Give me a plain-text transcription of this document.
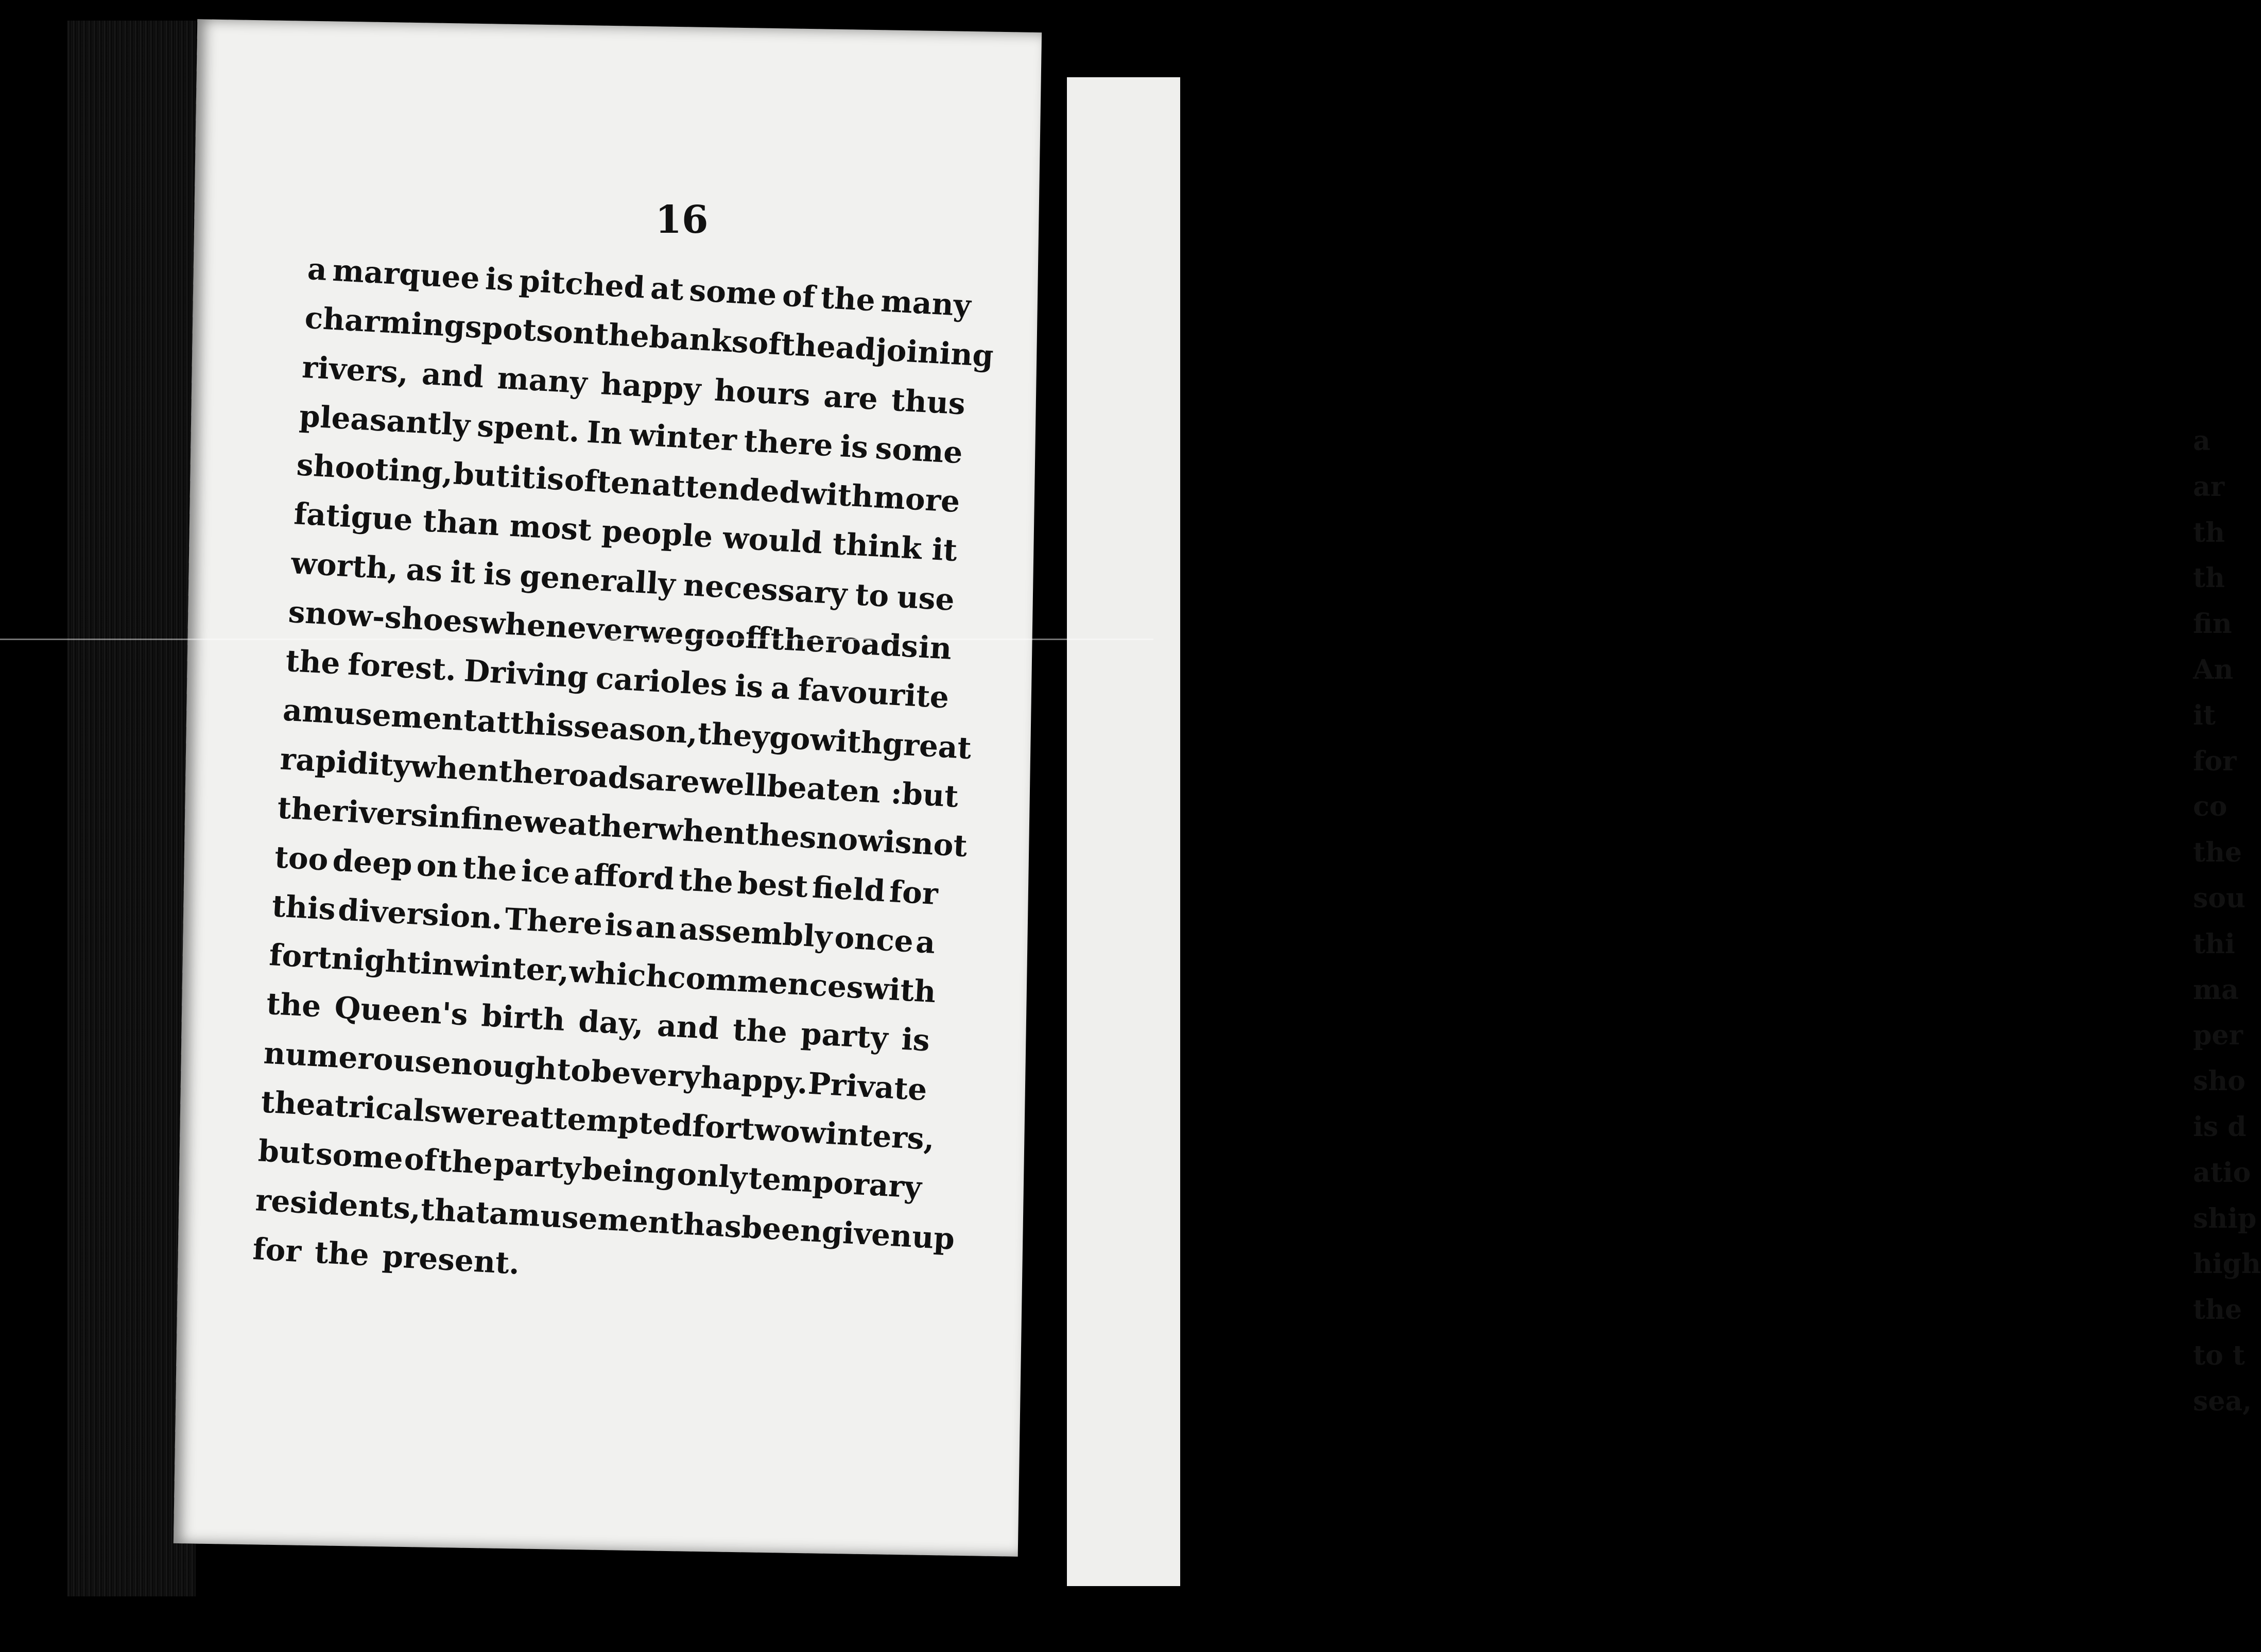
a
ar
th
th
fin
An
it
for
co
the
sou
thi
ma
per
sho
is d
atio
ship
high
the
to t
sea,
16
a marquee is pitched at some of the many
charming
spots
on
the
banks
of
the
adjoining
rivers, and many happy hours are thus
pleasantly spent. In winter there is some
shooting,
but
it
is
often
attended
with
more
fatigue than most people would think it
worth, as it is generally necessary to use
snow-shoes
whenever
we
go
off
the
roads
in
the forest. Driving carioles is a favourite
amusement
at
this
season,
they
go
with
great
rapidity
when
the
roads
are
well
beaten :
but
the
rivers
in
fine
weather
when
the
snow
is
not
too deep on the ice afford the best field for
this diversion. There is an assembly once a
fortnight
in
winter,
which
commences
with
the Queen's birth day, and the party is
numerous
enough
to
be
very
happy.
Private
theatricals
were
attempted
for
two
winters,
but
some
of
the
party
being
only
temporary
residents,
that
amusement
has
been
given
up
for the present.
